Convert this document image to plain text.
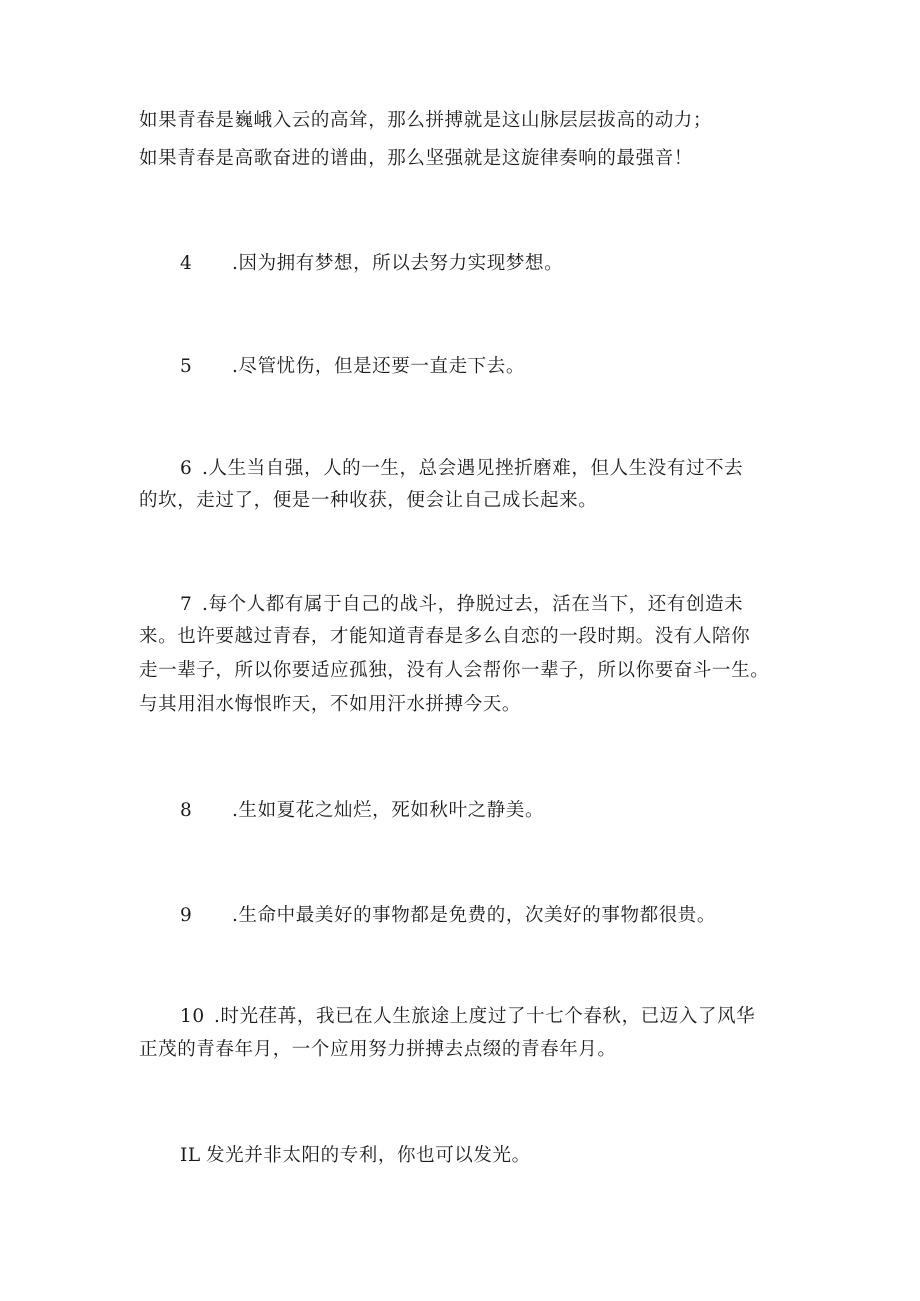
如果青春是巍峨入云的高耸，那么拼搏就是这山脉层层拔高的动力；
如果青春是高歌奋进的谱曲，那么坚强就是这旋律奏响的最强音！
4 .因为拥有梦想，所以去努力实现梦想。
5 .尽管忧伤，但是还要一直走下去。
6 .人生当自强，人的一生，总会遇见挫折磨难，但人生没有过不去
的坎，走过了，便是一种收获，便会让自己成长起来。
7 .每个人都有属于自己的战斗，挣脱过去，活在当下，还有创造未
来。也许要越过青春，才能知道青春是多么自恋的一段时期。没有人陪你
走一辈子，所以你要适应孤独，没有人会帮你一辈子，所以你要奋斗一生。
与其用泪水悔恨昨天，不如用汗水拼搏今天。
8 .生如夏花之灿烂，死如秋叶之静美。
9 .生命中最美好的事物都是免费的，次美好的事物都很贵。
10 .时光荏苒，我已在人生旅途上度过了十七个春秋，已迈入了风华
正茂的青春年月，一个应用努力拼搏去点缀的青春年月。
IL 发光并非太阳的专利，你也可以发光。
